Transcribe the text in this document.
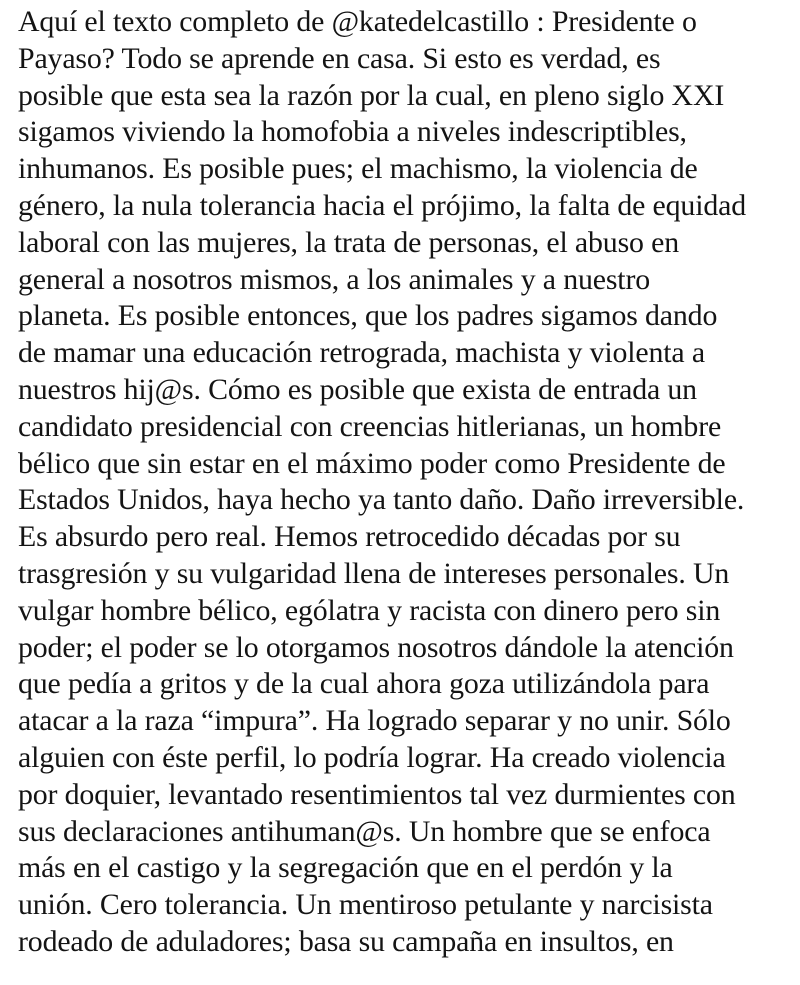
Aquí el texto completo de @katedelcastillo : Presidente o
Payaso? Todo se aprende en casa. Si esto es verdad, es
posible que esta sea la razón por la cual, en pleno siglo XXI
sigamos viviendo la homofobia a niveles indescriptibles,
inhumanos. Es posible pues; el machismo, la violencia de
género, la nula tolerancia hacia el prójimo, la falta de equidad
laboral con las mujeres, la trata de personas, el abuso en
general a nosotros mismos, a los animales y a nuestro
planeta. Es posible entonces, que los padres sigamos dando
de mamar una educación retrograda, machista y violenta a
nuestros hij@s. Cómo es posible que exista de entrada un
candidato presidencial con creencias hitlerianas, un hombre
bélico que sin estar en el máximo poder como Presidente de
Estados Unidos, haya hecho ya tanto daño. Daño irreversible.
Es absurdo pero real. Hemos retrocedido décadas por su
trasgresión y su vulgaridad llena de intereses personales. Un
vulgar hombre bélico, ególatra y racista con dinero pero sin
poder; el poder se lo otorgamos nosotros dándole la atención
que pedía a gritos y de la cual ahora goza utilizándola para
atacar a la raza “impura”. Ha logrado separar y no unir. Sólo
alguien con éste perfil, lo podría lograr. Ha creado violencia
por doquier, levantado resentimientos tal vez durmientes con
sus declaraciones antihuman@s. Un hombre que se enfoca
más en el castigo y la segregación que en el perdón y la
unión. Cero tolerancia. Un mentiroso petulante y narcisista
rodeado de aduladores; basa su campaña en insultos, en
